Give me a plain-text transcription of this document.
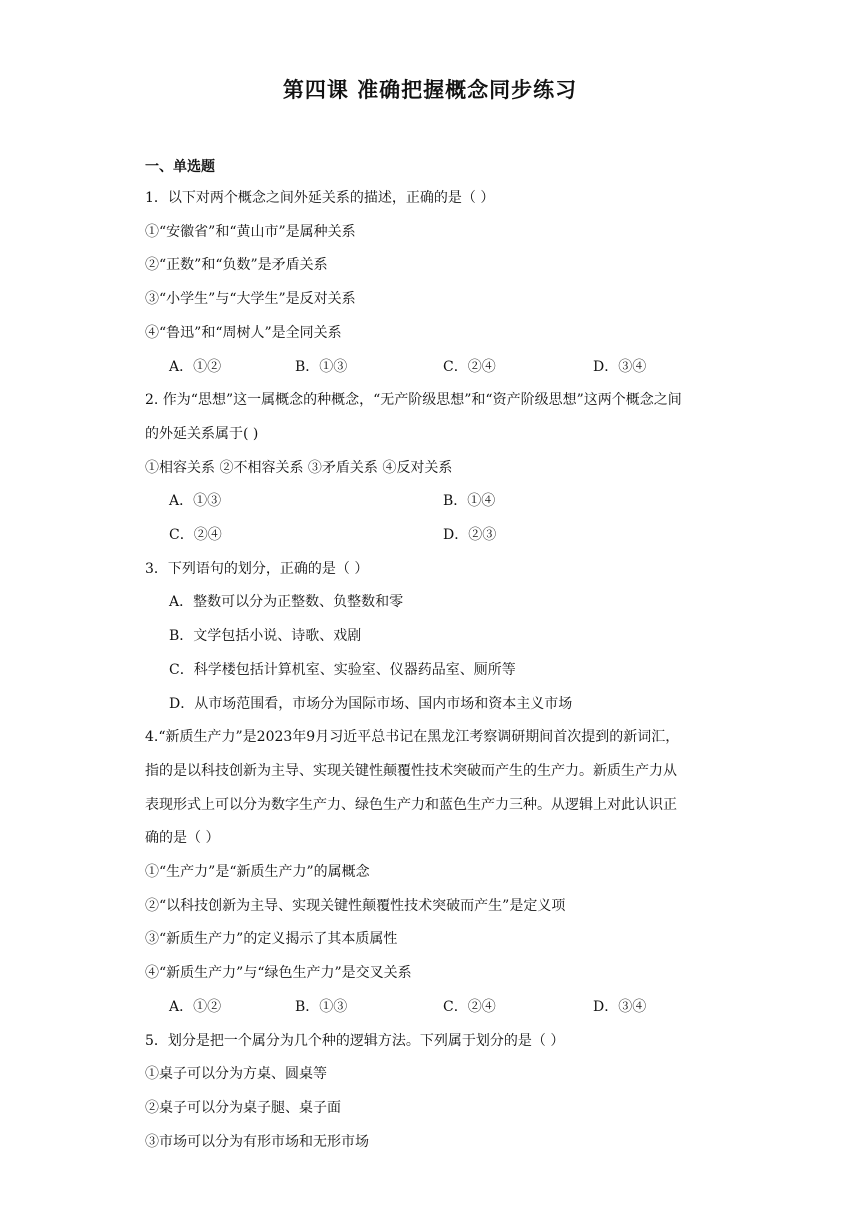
第四课 准确把握概念同步练习
一、单选题
1．以下对两个概念之间外延关系的描述，正确的是（ ）
①“安徽省”和“黄山市”是属种关系
②“正数”和“负数”是矛盾关系
③“小学生”与“大学生”是反对关系
④“鲁迅”和“周树人”是全同关系
A．①②	B．①③	C．②④	D．③④
2. 作为“思想”这一属概念的种概念，“无产阶级思想”和“资产阶级思想”这两个概念之间
的外延关系属于( )
①相容关系 ②不相容关系 ③矛盾关系 ④反对关系
A．①③	B．①④
C．②④	D．②③
3．下列语句的划分，正确的是（ ）
A．整数可以分为正整数、负整数和零
B．文学包括小说、诗歌、戏剧
C．科学楼包括计算机室、实验室、仪器药品室、厕所等
D．从市场范围看，市场分为国际市场、国内市场和资本主义市场
4.“新质生产力”是2023年9月习近平总书记在黑龙江考察调研期间首次提到的新词汇，
指的是以科技创新为主导、实现关键性颠覆性技术突破而产生的生产力。新质生产力从
表现形式上可以分为数字生产力、绿色生产力和蓝色生产力三种。从逻辑上对此认识正
确的是（ ）
①“生产力”是“新质生产力”的属概念
②“以科技创新为主导、实现关键性颠覆性技术突破而产生”是定义项
③“新质生产力”的定义揭示了其本质属性
④“新质生产力”与“绿色生产力”是交叉关系
A．①②	B．①③	C．②④	D．③④
5．划分是把一个属分为几个种的逻辑方法。下列属于划分的是（ ）
①桌子可以分为方桌、圆桌等
②桌子可以分为桌子腿、桌子面
③市场可以分为有形市场和无形市场
